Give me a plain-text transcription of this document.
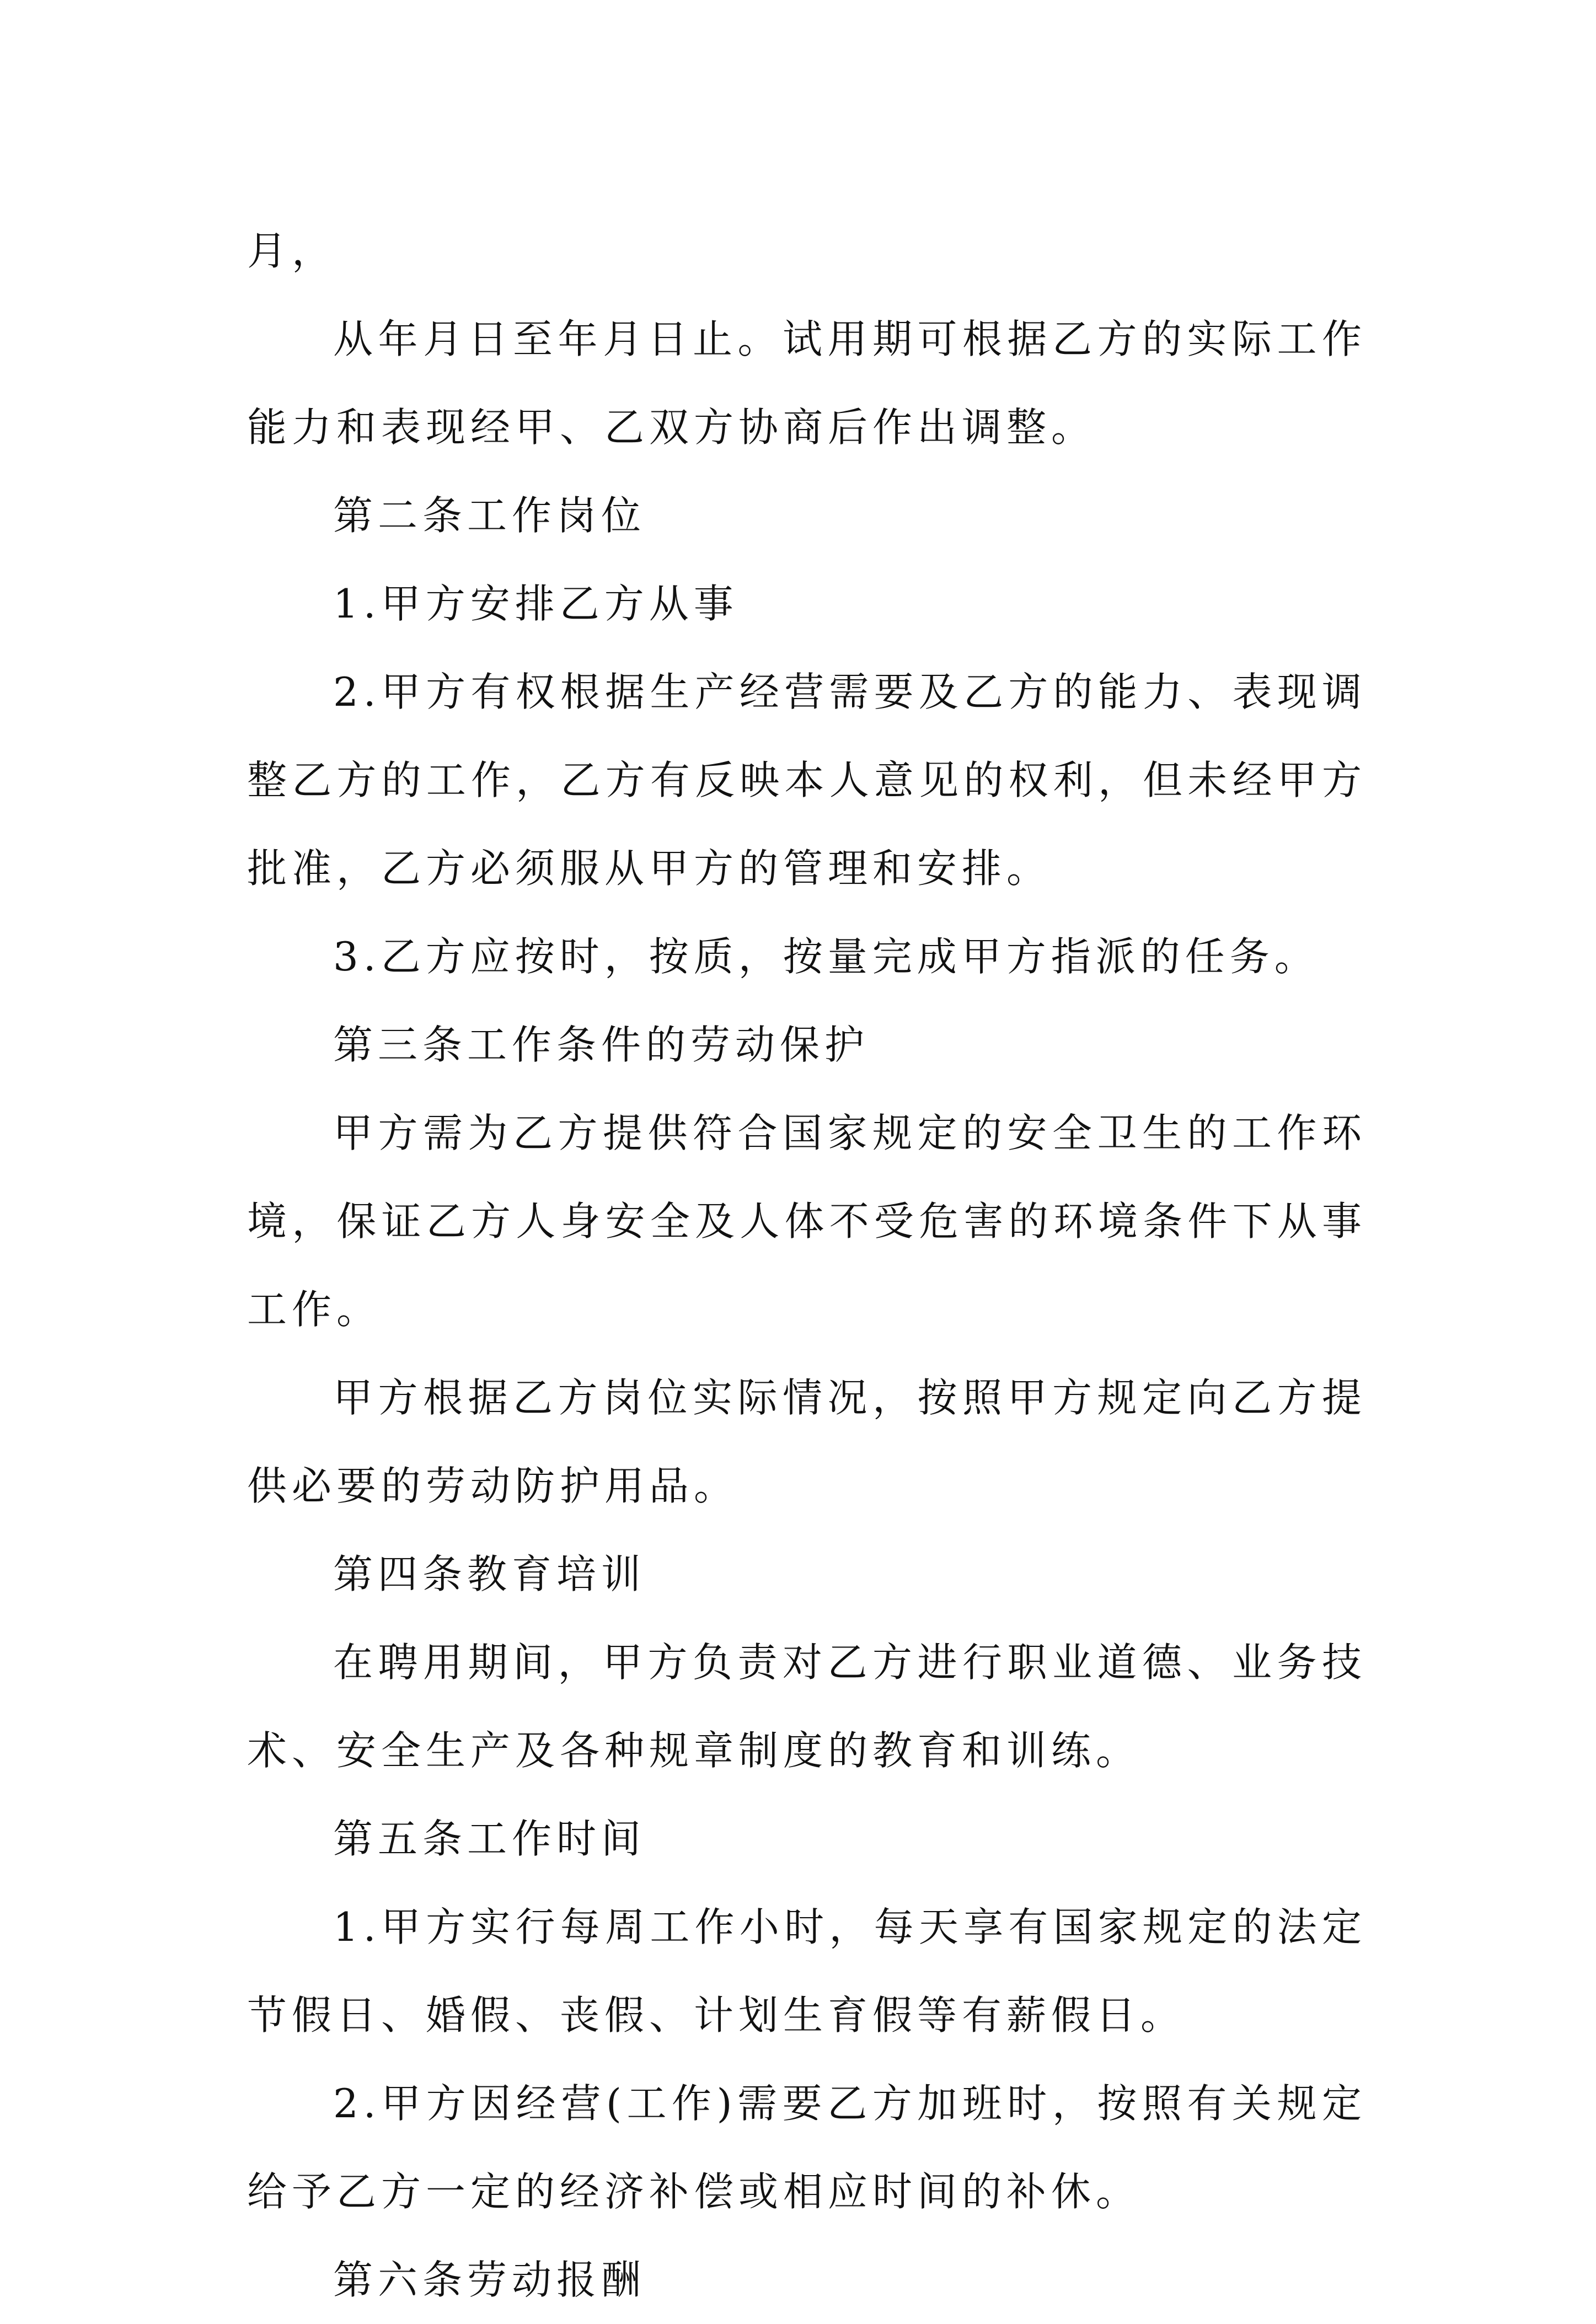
月，

从年月日至年月日止。试用期可根据乙方的实际工作能力和表现经甲、乙双方协商后作出调整。

第二条工作岗位

1.甲方安排乙方从事

2.甲方有权根据生产经营需要及乙方的能力、表现调整乙方的工作，乙方有反映本人意见的权利，但未经甲方批准，乙方必须服从甲方的管理和安排。

3.乙方应按时，按质，按量完成甲方指派的任务。

第三条工作条件的劳动保护

甲方需为乙方提供符合国家规定的安全卫生的工作环境，保证乙方人身安全及人体不受危害的环境条件下从事工作。

甲方根据乙方岗位实际情况，按照甲方规定向乙方提供必要的劳动防护用品。

第四条教育培训

在聘用期间，甲方负责对乙方进行职业道德、业务技术、安全生产及各种规章制度的教育和训练。

第五条工作时间

1.甲方实行每周工作小时，每天享有国家规定的法定节假日、婚假、丧假、计划生育假等有薪假日。

2.甲方因经营(工作)需要乙方加班时，按照有关规定给予乙方一定的经济补偿或相应时间的补休。

第六条劳动报酬
